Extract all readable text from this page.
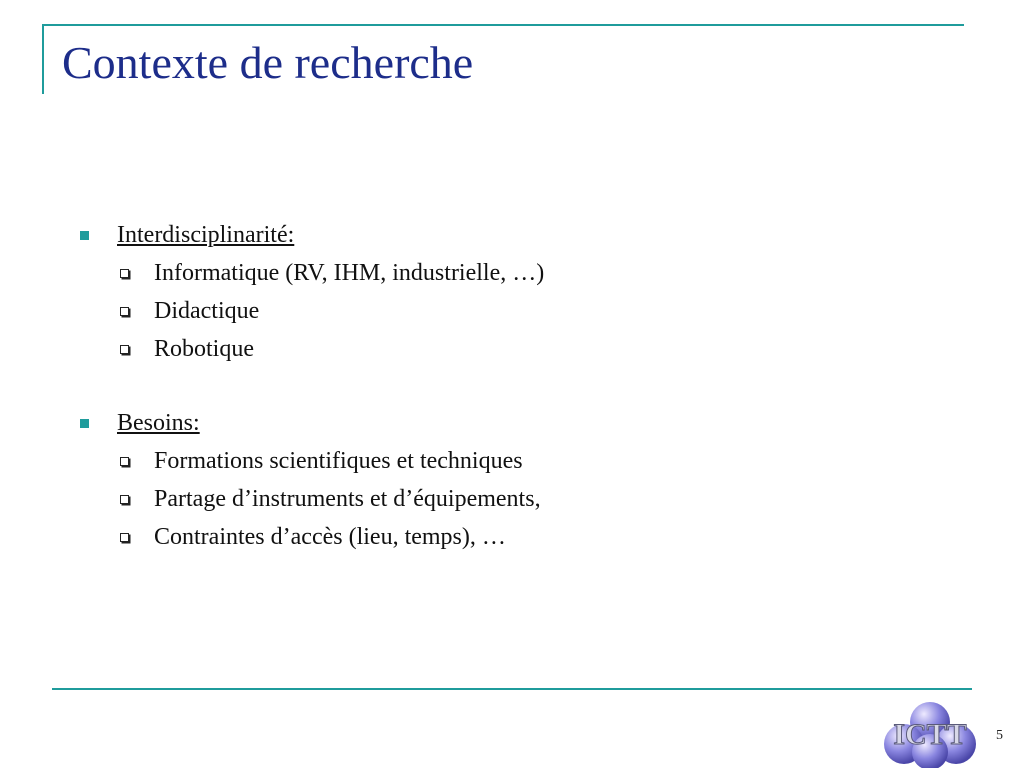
Contexte de recherche
Interdisciplinarité:
Informatique (RV, IHM, industrielle, …)
Didactique
Robotique
Besoins:
Formations scientifiques et techniques
Partage d’instruments et d’équipements,
Contraintes d’accès (lieu, temps), …
ICTT 5
